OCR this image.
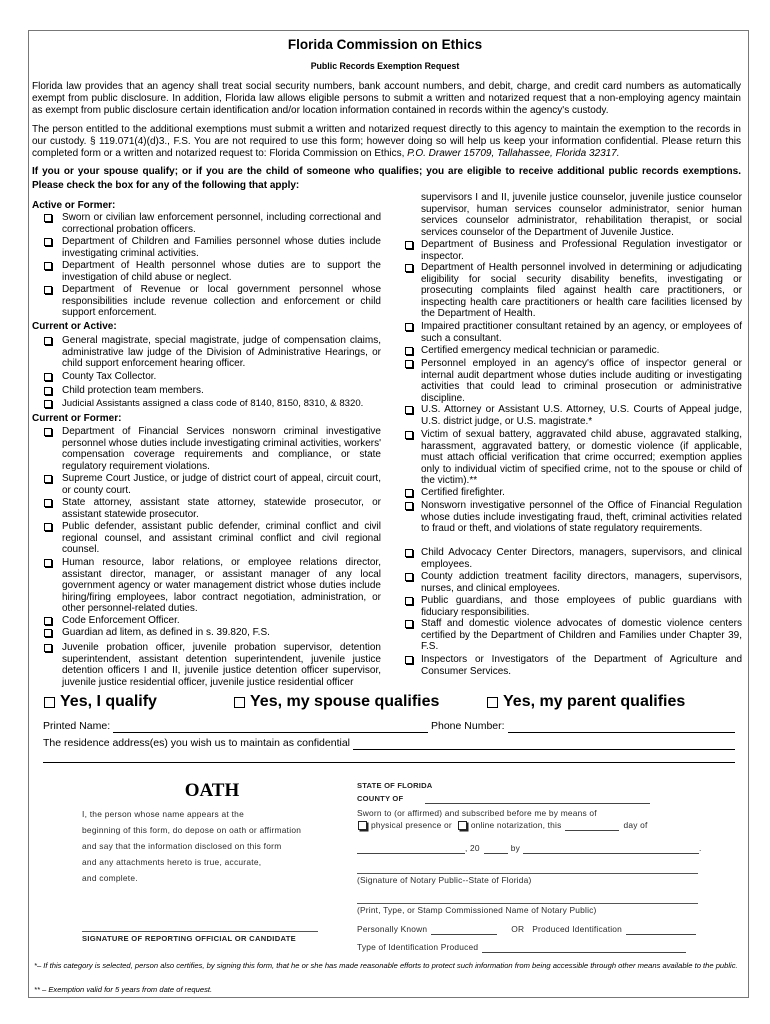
Florida Commission on Ethics
Public Records Exemption Request
Florida law provides that an agency shall treat social security numbers, bank account numbers, and debit, charge, and credit card numbers as automatically exempt from public disclosure. In addition, Florida law allows eligible persons to submit a written and notarized request that a non-employing agency maintain as exempt from public disclosure certain identification and/or location information contained in records within the agency's custody.
The person entitled to the additional exemptions must submit a written and notarized request directly to this agency to maintain the exemption to the records in our custody. § 119.071(4)(d)3., F.S. You are not required to use this form; however doing so will help us keep your information confidential. Please return this completed form or a written and notarized request to: Florida Commission on Ethics, P.O. Drawer 15709, Tallahassee, Florida 32317.
If you or your spouse qualify; or if you are the child of someone who qualifies; you are eligible to receive additional public records exemptions. Please check the box for any of the following that apply:
Active or Former:
Sworn or civilian law enforcement personnel, including correctional and correctional probation officers.
Department of Children and Families personnel whose duties include investigating criminal activities.
Department of Health personnel whose duties are to support the investigation of child abuse or neglect.
Department of Revenue or local government personnel whose responsibilities include revenue collection and enforcement or child support enforcement.
Current or Active:
General magistrate, special magistrate, judge of compensation claims, administrative law judge of the Division of Administrative Hearings, or child support enforcement hearing officer.
County Tax Collector.
Child protection team members.
Judicial Assistants assigned a class code of 8140, 8150, 8310, & 8320.
Current or Former:
Department of Financial Services nonsworn criminal investigative personnel whose duties include investigating criminal activities, workers' compensation coverage requirements and compliance, or state regulatory requirement violations.
Supreme Court Justice, or judge of district court of appeal, circuit court, or county court.
State attorney, assistant state attorney, statewide prosecutor, or assistant statewide prosecutor.
Public defender, assistant public defender, criminal conflict and civil regional counsel, and assistant criminal conflict and civil regional counsel.
Human resource, labor relations, or employee relations director, assistant director, manager, or assistant manager of any local government agency or water management district whose duties include hiring/firing employees, labor contract negotiation, administration, or other personnel-related duties.
Code Enforcement Officer.
Guardian ad litem, as defined in s. 39.820, F.S.
Juvenile probation officer, juvenile probation supervisor, detention superintendent, assistant detention superintendent, juvenile justice detention officers I and II, juvenile justice detention officer supervisor, juvenile justice residential officer, juvenile justice residential officer
supervisors I and II, juvenile justice counselor, juvenile justice counselor supervisor, human services counselor administrator, senior human services counselor administrator, rehabilitation therapist, or social services counselor of the Department of Juvenile Justice.
Department of Business and Professional Regulation investigator or inspector.
Department of Health personnel involved in determining or adjudicating eligibility for social security disability benefits, investigating or prosecuting complaints filed against health care practitioners, or inspecting health care practitioners or health care facilities licensed by the Department of Health.
Impaired practitioner consultant retained by an agency, or employees of such a consultant.
Certified emergency medical technician or paramedic.
Personnel employed in an agency's office of inspector general or internal audit department whose duties include auditing or investigating activities that could lead to criminal prosecution or administrative discipline.
U.S. Attorney or Assistant U.S. Attorney, U.S. Courts of Appeal judge, U.S. district judge, or U.S. magistrate.*
Victim of sexual battery, aggravated child abuse, aggravated stalking, harassment, aggravated battery, or domestic violence (if applicable, must attach official verification that crime occurred; exemption applies only to individual victim of specified crime, not to the spouse or child of the victim).**
Certified firefighter.
Nonsworn investigative personnel of the Office of Financial Regulation whose duties include investigating fraud, theft, criminal activities related to fraud or theft, and violations of state regulatory requirements.
Child Advocacy Center Directors, managers, supervisors, and clinical employees.
County addiction treatment facility directors, managers, supervisors, nurses, and clinical employees.
Public guardians, and those employees of public guardians with fiduciary responsibilities.
Staff and domestic violence advocates of domestic violence centers certified by the Department of Children and Families under Chapter 39, F.S.
Inspectors or Investigators of the Department of Agriculture and Consumer Services.
Yes, I qualify	Yes, my spouse qualifies	Yes, my parent qualifies
Printed Name:	Phone Number:
The residence address(es) you wish us to maintain as confidential
OATH
I, the person whose name appears at the
beginning of this form, do depose on oath or affirmation
and say that the information disclosed on this form
and any attachments hereto is true, accurate,
and complete.
SIGNATURE OF REPORTING OFFICIAL OR CANDIDATE
STATE OF FLORIDA
COUNTY OF
Sworn to (or affirmed) and subscribed before me by means of
physical presence or online notarization, this	day of
, 20	by	.
(Signature of Notary Public--State of Florida)
(Print, Type, or Stamp Commissioned Name of Notary Public)
Personally Known	OR Produced Identification
Type of Identification Produced
*– If this category is selected, person also certifies, by signing this form, that he or she has made reasonable efforts to protect such information from being accessible through other means available to the public.
** – Exemption valid for 5 years from date of request.
